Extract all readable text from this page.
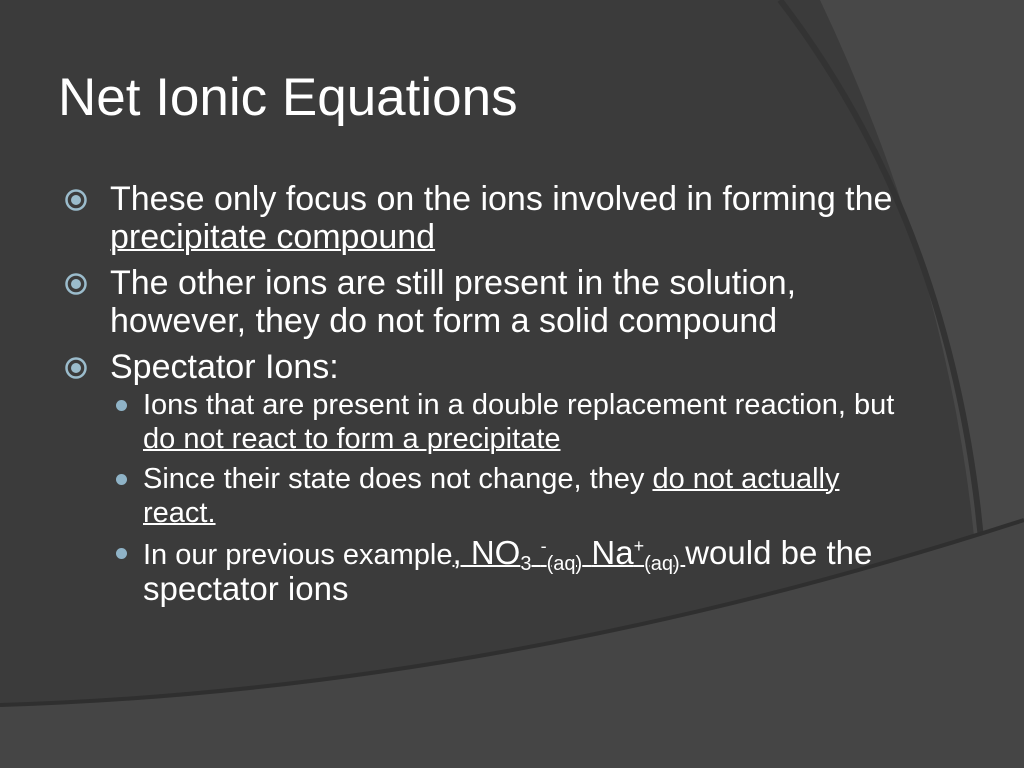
Net Ionic Equations
These only focus on the ions involved in forming the precipitate compound
The other ions are still present in the solution, however, they do not form a solid compound
Spectator Ions:
Ions that are present in a double replacement reaction, but do not react to form a precipitate
Since their state does not change, they do not actually react.
In our previous example, $NO_3$ -$_{(aq)}$ $Na^+_{(aq)}$ would be the spectator ions
